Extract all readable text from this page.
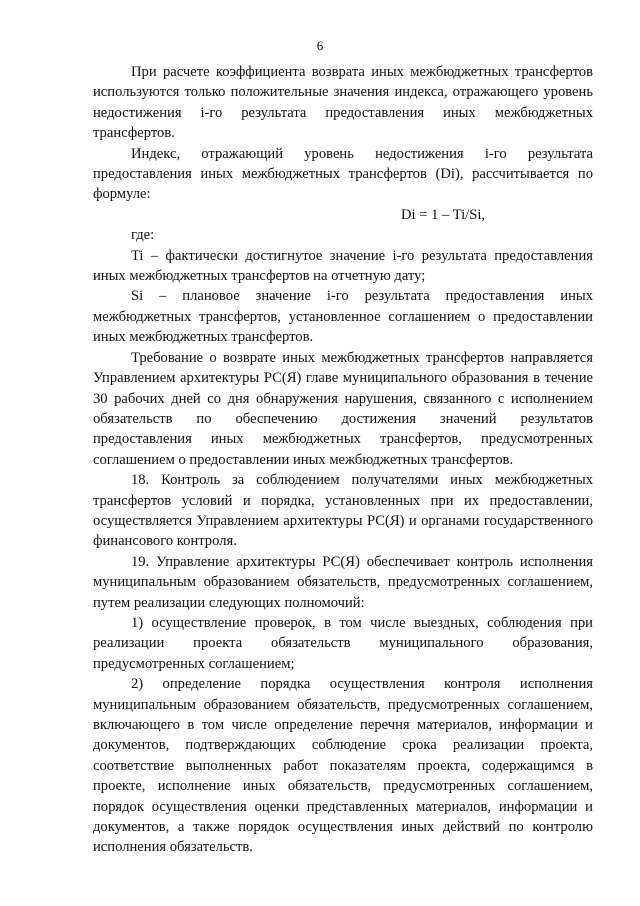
6

При расчете коэффициента возврата иных межбюджетных трансфертов используются только положительные значения индекса, отражающего уровень недостижения i-го результата предоставления иных межбюджетных трансфертов.

Индекс, отражающий уровень недостижения i-го результата предоставления иных межбюджетных трансфертов (Di), рассчитывается по формуле:

Di = 1 – Ti/Si,

где:

Ti – фактически достигнутое значение i-го результата предоставления иных межбюджетных трансфертов на отчетную дату;

Si – плановое значение i-го результата предоставления иных межбюджетных трансфертов, установленное соглашением о предоставлении иных межбюджетных трансфертов.

Требование о возврате иных межбюджетных трансфертов направляется Управлением архитектуры РС(Я) главе муниципального образования в течение 30 рабочих дней со дня обнаружения нарушения, связанного с исполнением обязательств по обеспечению достижения значений результатов предоставления иных межбюджетных трансфертов, предусмотренных соглашением о предоставлении иных межбюджетных трансфертов.

18. Контроль за соблюдением получателями иных межбюджетных трансфертов условий и порядка, установленных при их предоставлении, осуществляется Управлением архитектуры РС(Я) и органами государственного финансового контроля.

19. Управление архитектуры РС(Я) обеспечивает контроль исполнения муниципальным образованием обязательств, предусмотренных соглашением, путем реализации следующих полномочий:

1) осуществление проверок, в том числе выездных, соблюдения при реализации проекта обязательств муниципального образования, предусмотренных соглашением;

2) определение порядка осуществления контроля исполнения муниципальным образованием обязательств, предусмотренных соглашением, включающего в том числе определение перечня материалов, информации и документов, подтверждающих соблюдение срока реализации проекта, соответствие выполненных работ показателям проекта, содержащимся в проекте, исполнение иных обязательств, предусмотренных соглашением, порядок осуществления оценки представленных материалов, информации и документов, а также порядок осуществления иных действий по контролю исполнения обязательств.
